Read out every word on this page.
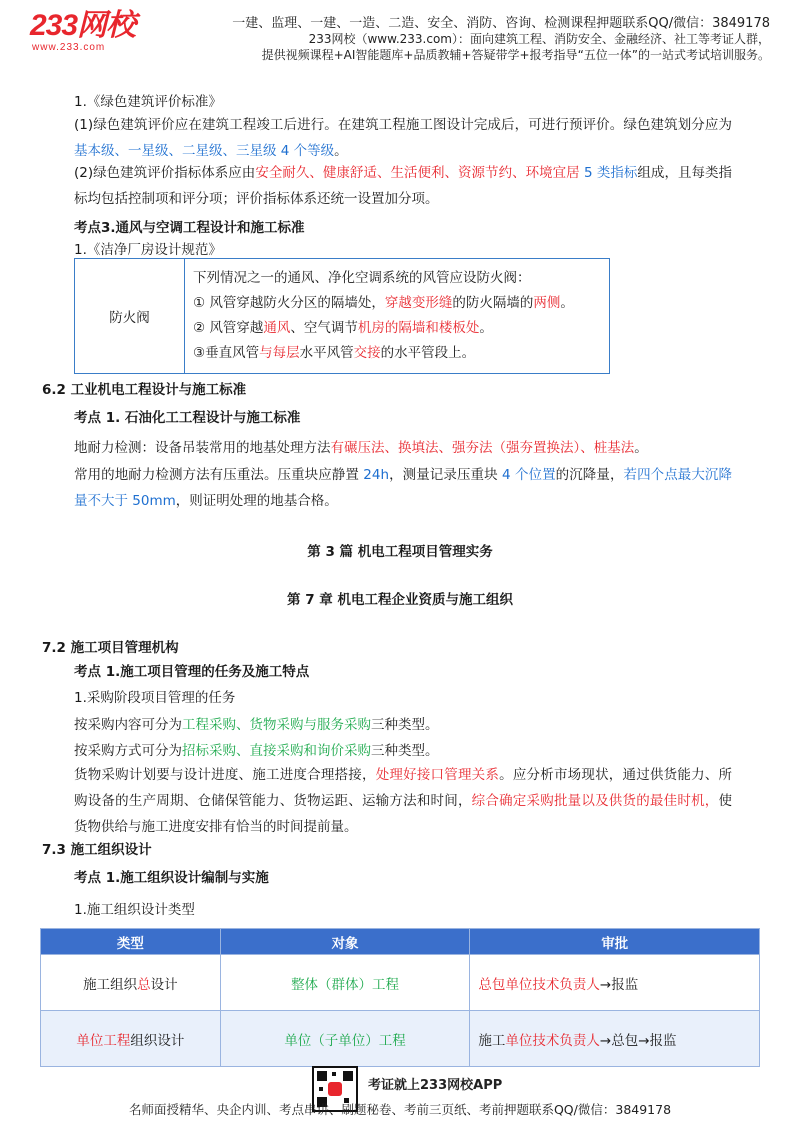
233网校
www.233.com
一建、监理、一建、一造、二造、安全、消防、咨询、检测课程押题联系QQ/微信：3849178
233网校（www.233.com）：面向建筑工程、消防安全、金融经济、社工等考证人群，
提供视频课程+AI智能题库+品质教辅+答疑带学+报考指导“五位一体”的一站式考试培训服务。
1.《绿色建筑评价标准》
(1)绿色建筑评价应在建筑工程竣工后进行。在建筑工程施工图设计完成后，可进行预评价。绿色建筑划分应为基本级、一星级、二星级、三星级 4 个等级。
(2)绿色建筑评价指标体系应由安全耐久、健康舒适、生活便利、资源节约、环境宜居 5 类指标组成，且每类指标均包括控制项和评分项；评价指标体系还统一设置加分项。
考点3.通风与空调工程设计和施工标准
1.《洁净厂房设计规范》
防火阀	
下列情况之一的通风、净化空调系统的风管应设防火阀：
① 风管穿越防火分区的隔墙处，穿越变形缝的防火隔墙的两侧。
② 风管穿越通风、空气调节机房的隔墙和楼板处。
③垂直风管与每层水平风管交接的水平管段上。
6.2 工业机电工程设计与施工标准
考点 1. 石油化工工程设计与施工标准
地耐力检测：设备吊装常用的地基处理方法有碾压法、换填法、强夯法（强夯置换法）、桩基法。
常用的地耐力检测方法有压重法。压重块应静置 24h，测量记录压重块 4 个位置的沉降量，若四个点最大沉降量不大于 50mm，则证明处理的地基合格。
第 3 篇 机电工程项目管理实务
第 7 章 机电工程企业资质与施工组织
7.2 施工项目管理机构
考点 1.施工项目管理的任务及施工特点
1.采购阶段项目管理的任务
按采购内容可分为工程采购、货物采购与服务采购三种类型。
按采购方式可分为招标采购、直接采购和询价采购三种类型。
货物采购计划要与设计进度、施工进度合理搭接，处理好接口管理关系。应分析市场现状，通过供货能力、所购设备的生产周期、仓储保管能力、货物运距、运输方法和时间，综合确定采购批量以及供货的最佳时机，使货物供给与施工进度安排有恰当的时间提前量。
7.3 施工组织设计
考点 1.施工组织设计编制与实施
1.施工组织设计类型
类型	对象	审批
施工组织总设计	整体（群体）工程	总包单位技术负责人→报监
单位工程组织设计	单位（子单位）工程	施工单位技术负责人→总包→报监
考证就上233网校APP
名师面授精华、央企内训、考点串讲、刷题秘卷、考前三页纸、考前押题联系QQ/微信：3849178
